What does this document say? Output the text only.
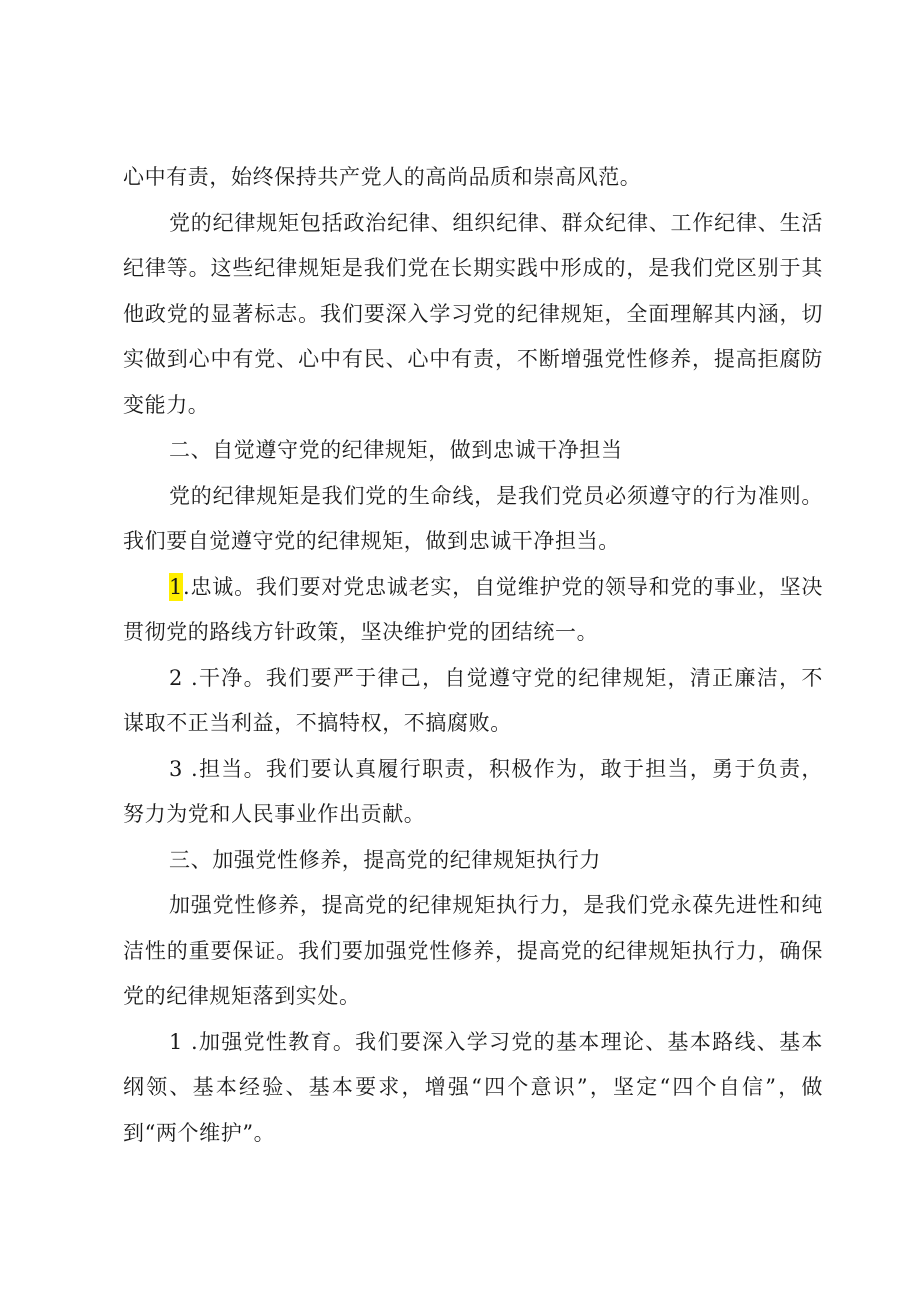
心中有责，始终保持共产党人的高尚品质和崇高风范。

党的纪律规矩包括政治纪律、组织纪律、群众纪律、工作纪律、生活纪律等。这些纪律规矩是我们党在长期实践中形成的，是我们党区别于其他政党的显著标志。我们要深入学习党的纪律规矩，全面理解其内涵，切实做到心中有党、心中有民、心中有责，不断增强党性修养，提高拒腐防变能力。

二、自觉遵守党的纪律规矩，做到忠诚干净担当

党的纪律规矩是我们党的生命线，是我们党员必须遵守的行为准则。我们要自觉遵守党的纪律规矩，做到忠诚干净担当。

1.忠诚。我们要对党忠诚老实，自觉维护党的领导和党的事业，坚决贯彻党的路线方针政策，坚决维护党的团结统一。

2 .干净。我们要严于律己，自觉遵守党的纪律规矩，清正廉洁，不谋取不正当利益，不搞特权，不搞腐败。

3 .担当。我们要认真履行职责，积极作为，敢于担当，勇于负责，努力为党和人民事业作出贡献。

三、加强党性修养，提高党的纪律规矩执行力

加强党性修养，提高党的纪律规矩执行力，是我们党永葆先进性和纯洁性的重要保证。我们要加强党性修养，提高党的纪律规矩执行力，确保党的纪律规矩落到实处。

1 .加强党性教育。我们要深入学习党的基本理论、基本路线、基本纲领、基本经验、基本要求，增强“四个意识”，坚定“四个自信”，做到“两个维护”。
